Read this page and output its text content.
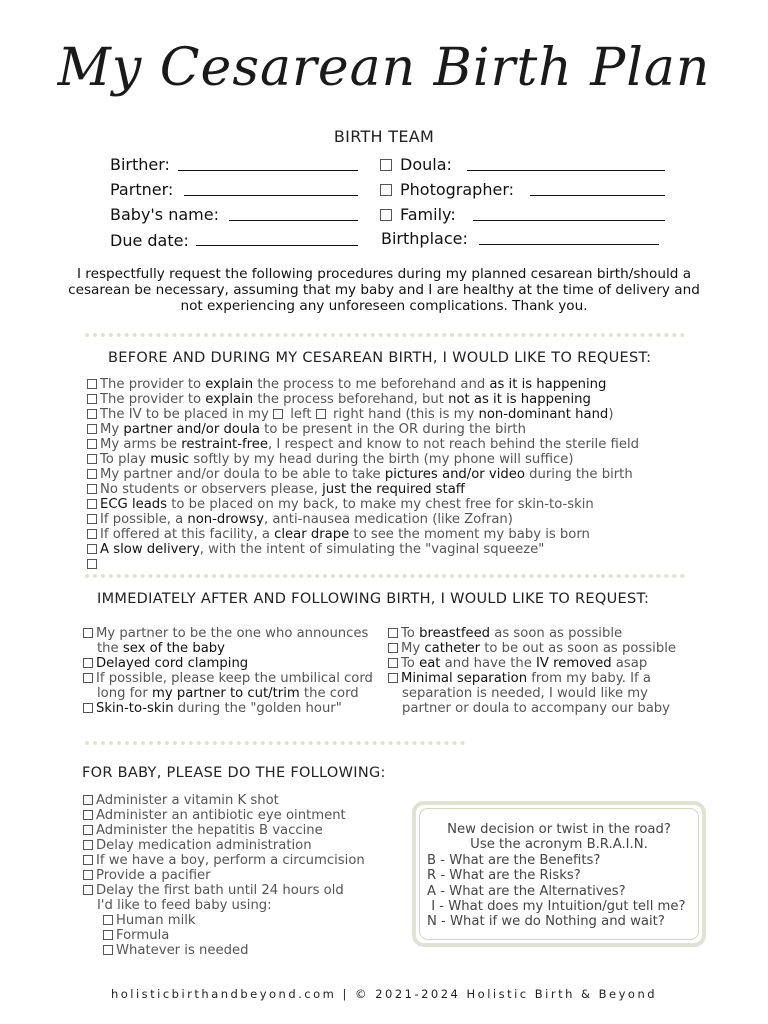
My Cesarean Birth Plan
BIRTH TEAM
Birther:
Partner:
Baby's name:
Due date:
Doula:
Photographer:
Family:
Birthplace:
I respectfully request the following procedures during my planned cesarean birth/should a cesarean be necessary, assuming that my baby and I are healthy at the time of delivery and not experiencing any unforeseen complications. Thank you.
BEFORE AND DURING MY CESAREAN BIRTH, I WOULD LIKE TO REQUEST:
The provider to explain the process to me beforehand and as it is happening
The provider to explain the process beforehand, but not as it is happening
The IV to be placed in my  left  right hand (this is my non-dominant hand)
My partner and/or doula to be present in the OR during the birth
My arms be restraint-free, I respect and know to not reach behind the sterile field
To play music softly by my head during the birth (my phone will suffice)
My partner and/or doula to be able to take pictures and/or video during the birth
No students or observers please, just the required staff
ECG leads to be placed on my back, to make my chest free for skin-to-skin
If possible, a non-drowsy, anti-nausea medication (like Zofran)
If offered at this facility, a clear drape to see the moment my baby is born
A slow delivery, with the intent of simulating the "vaginal squeeze"
IMMEDIATELY AFTER AND FOLLOWING BIRTH, I WOULD LIKE TO REQUEST:
My partner to be the one who announces
the sex of the baby
Delayed cord clamping
If possible, please keep the umbilical cord
long for my partner to cut/trim the cord
Skin-to-skin during the "golden hour"
To breastfeed as soon as possible
My catheter to be out as soon as possible
To eat and have the IV removed asap
Minimal separation from my baby. If a
separation is needed, I would like my
partner or doula to accompany our baby
FOR BABY, PLEASE DO THE FOLLOWING:
Administer a vitamin K shot
Administer an antibiotic eye ointment
Administer the hepatitis B vaccine
Delay medication administration
If we have a boy, perform a circumcision
Provide a pacifier
Delay the first bath until 24 hours old
I'd like to feed baby using:
Human milk
Formula
Whatever is needed
New decision or twist in the road?
Use the acronym B.R.A.I.N.
B - What are the Benefits?
R - What are the Risks?
A - What are the Alternatives?
I - What does my Intuition/gut tell me?
N - What if we do Nothing and wait?
holisticbirthandbeyond.com | © 2021-2024 Holistic Birth & Beyond
